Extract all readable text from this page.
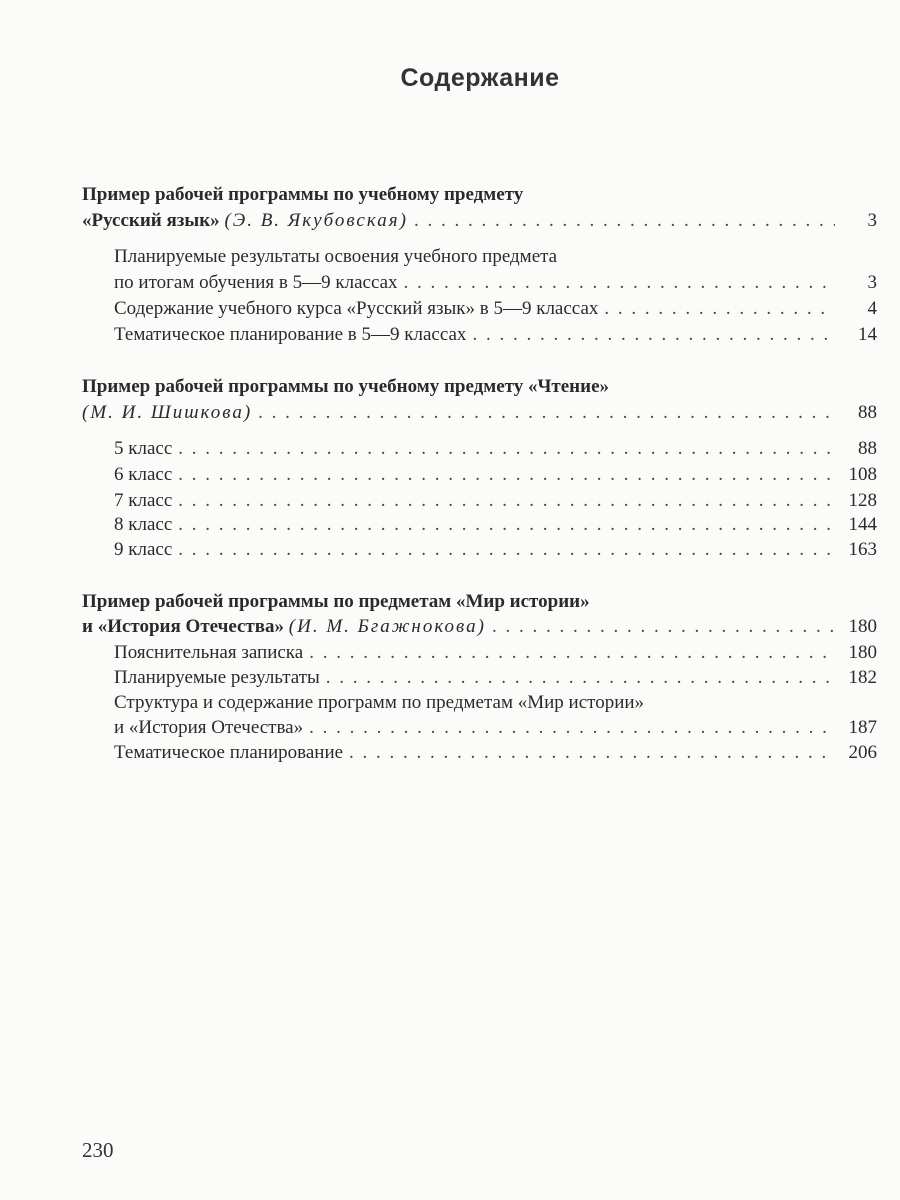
Содержание
Пример рабочей программы по учебному предмету
«Русский язык» (Э. В. Якубовская) . . .	3
Планируемые результаты освоения учебного предмета
по итогам обучения в 5—9 классах . . .	3
Содержание учебного курса «Русский язык» в 5—9 классах . . .	4
Тематическое планирование в 5—9 классах . . .	14
Пример рабочей программы по учебному предмету «Чтение»
(М. И. Шишкова) . . .	88
5 класс . . .	88
6 класс . . .	108
7 класс . . .	128
8 класс . . .	144
9 класс . . .	163
Пример рабочей программы по предметам «Мир истории»
и «История Отечества» (И. М. Бгажнокова) . . .	180
Пояснительная записка . . .	180
Планируемые результаты . . .	182
Структура и содержание программ по предметам «Мир истории»
и «История Отечества» . . .	187
Тематическое планирование . . .	206
230
